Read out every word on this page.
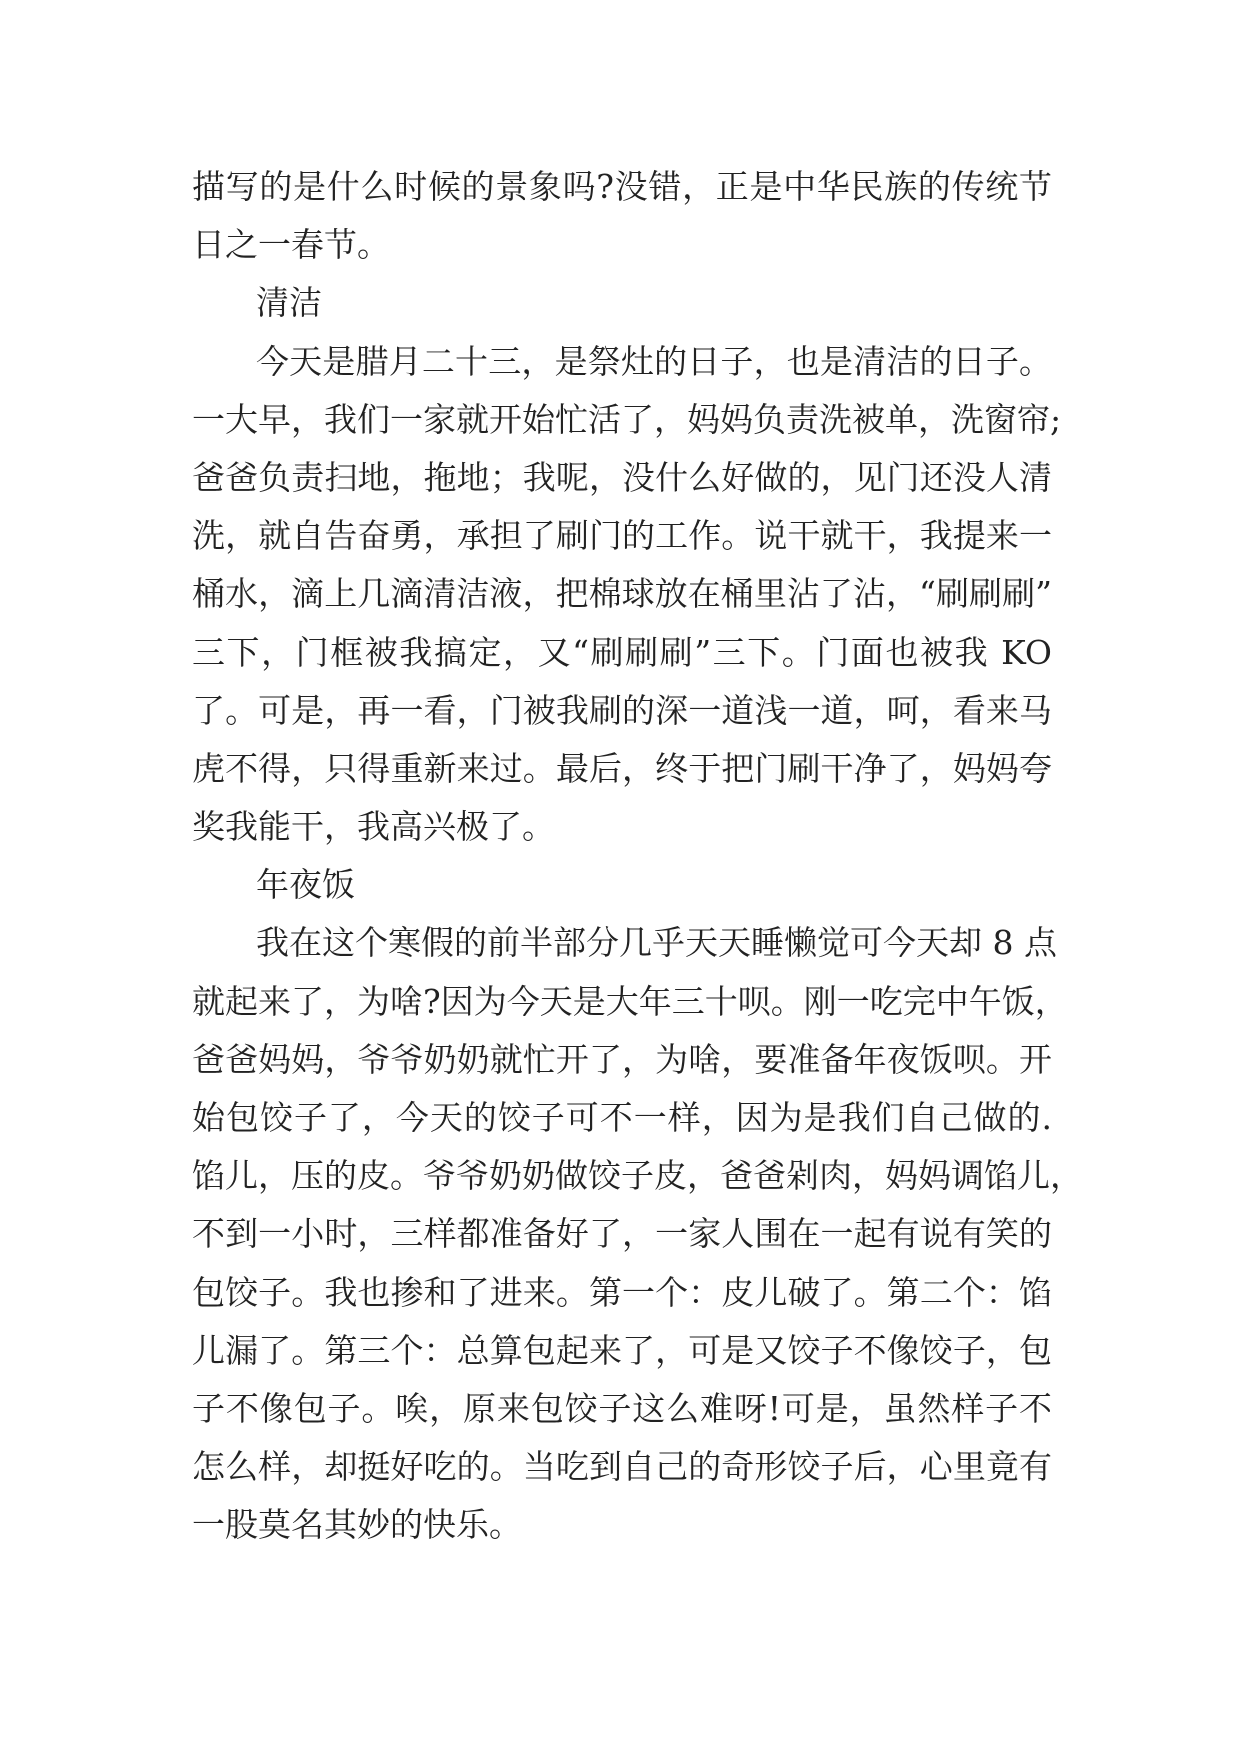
描写的是什么时候的景象吗?没错，正是中华民族的传统节
日之一春节。
清洁
今天是腊月二十三，是祭灶的日子，也是清洁的日子。
一大早，我们一家就开始忙活了，妈妈负责洗被单，洗窗帘;
爸爸负责扫地，拖地；我呢，没什么好做的，见门还没人清
洗，就自告奋勇，承担了刷门的工作。说干就干，我提来一
桶水，滴上几滴清洁液，把棉球放在桶里沾了沾，“刷刷刷”
三下，门框被我搞定，又“刷刷刷”三下。门面也被我 KO
了。可是，再一看，门被我刷的深一道浅一道，呵，看来马
虎不得，只得重新来过。最后，终于把门刷干净了，妈妈夸
奖我能干，我高兴极了。
年夜饭
我在这个寒假的前半部分几乎天天睡懒觉可今天却 8 点
就起来了，为啥?因为今天是大年三十呗。刚一吃完中午饭，
爸爸妈妈，爷爷奶奶就忙开了，为啥，要准备年夜饭呗。开
始包饺子了，今天的饺子可不一样，因为是我们自己做的.
馅儿，压的皮。爷爷奶奶做饺子皮，爸爸剁肉，妈妈调馅儿，
不到一小时，三样都准备好了，一家人围在一起有说有笑的
包饺子。我也掺和了进来。第一个：皮儿破了。第二个：馅
儿漏了。第三个：总算包起来了，可是又饺子不像饺子，包
子不像包子。唉，原来包饺子这么难呀!可是，虽然样子不
怎么样，却挺好吃的。当吃到自己的奇形饺子后，心里竟有
一股莫名其妙的快乐。
